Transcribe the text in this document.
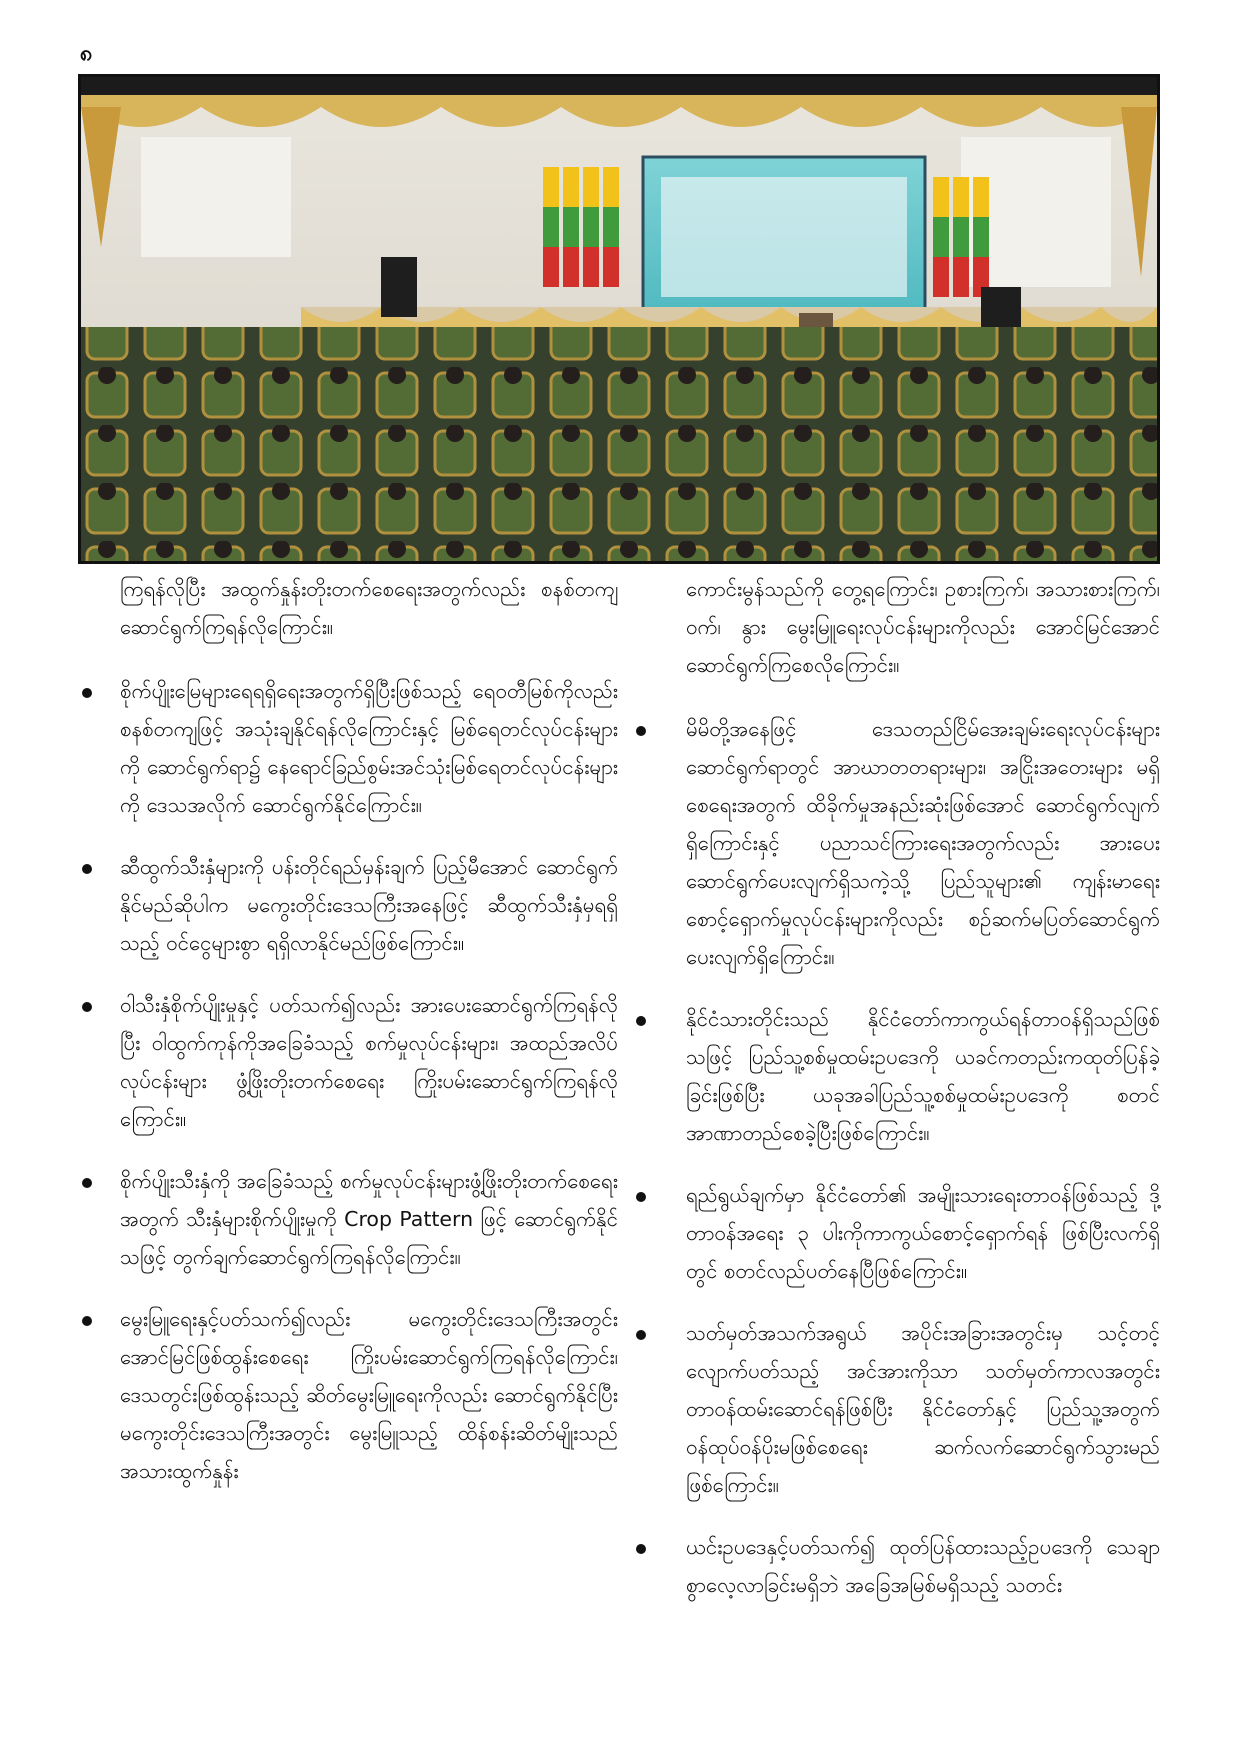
၈

ကြရန်လိုပြီး အထွက်နှုန်းတိုးတက်စေရေးအတွက်လည်း စနစ်တကျ ဆောင်ရွက်ကြရန်လိုကြောင်း။

စိုက်ပျိုးမြေများရေရရှိရေးအတွက်ရှိပြီးဖြစ်သည့် ရေဝတီမြစ်ကိုလည်း စနစ်တကျဖြင့် အသုံးချနိုင်ရန်လိုကြောင်းနှင့် မြစ်ရေတင်လုပ်ငန်းများကို ဆောင်ရွက်ရာ၌ နေရောင်ခြည်စွမ်းအင်သုံးမြစ်ရေတင်လုပ်ငန်းများကို ဒေသအလိုက် ဆောင်ရွက်နိုင်ကြောင်း။

ဆီထွက်သီးနှံများကို ပန်းတိုင်ရည်မှန်းချက် ပြည့်မီအောင် ဆောင်ရွက်နိုင်မည်ဆိုပါက မကွေးတိုင်းဒေသကြီးအနေဖြင့် ဆီထွက်သီးနှံမှရရှိသည့် ဝင်ငွေများစွာ ရရှိလာနိုင်မည်ဖြစ်ကြောင်း။

ဝါသီးနှံစိုက်ပျိုးမှုနှင့် ပတ်သက်၍လည်း အားပေးဆောင်ရွက်ကြရန်လိုပြီး ဝါထွက်ကုန်ကိုအခြေခံသည့် စက်မှုလုပ်ငန်းများ၊ အထည်အလိပ်လုပ်ငန်းများ ဖွံ့ဖြိုးတိုးတက်စေရေး ကြိုးပမ်းဆောင်ရွက်ကြရန်လိုကြောင်း။

စိုက်ပျိုးသီးနှံကို အခြေခံသည့် စက်မှုလုပ်ငန်းများဖွံ့ဖြိုးတိုးတက်စေရေးအတွက် သီးနှံများစိုက်ပျိုးမှုကို Crop Pattern ဖြင့် ဆောင်ရွက်နိုင်သဖြင့် တွက်ချက်ဆောင်ရွက်ကြရန်လိုကြောင်း။

မွေးမြူရေးနှင့်ပတ်သက်၍လည်း မကွေးတိုင်းဒေသကြီးအတွင်း အောင်မြင်ဖြစ်ထွန်းစေရေး ကြိုးပမ်းဆောင်ရွက်ကြရန်လိုကြောင်း၊ ဒေသတွင်းဖြစ်ထွန်းသည့် ဆိတ်မွေးမြူရေးကိုလည်း ဆောင်ရွက်နိုင်ပြီး မကွေးတိုင်းဒေသကြီးအတွင်း မွေးမြူသည့် ထိန်စန်းဆိတ်မျိုးသည် အသားထွက်နှုန်း

ကောင်းမွန်သည်ကို တွေ့ရကြောင်း၊ ဥစားကြက်၊ အသားစားကြက်၊ ဝက်၊ နွား မွေးမြူရေးလုပ်ငန်းများကိုလည်း အောင်မြင်အောင် ဆောင်ရွက်ကြစေလိုကြောင်း။

မိမိတို့အနေဖြင့် ဒေသတည်ငြိမ်အေးချမ်းရေးလုပ်ငန်းများ ဆောင်ရွက်ရာတွင် အာဃာတတရားများ၊ အငြိုးအတေးများ မရှိစေရေးအတွက် ထိခိုက်မှုအနည်းဆုံးဖြစ်အောင် ဆောင်ရွက်လျက်ရှိကြောင်းနှင့် ပညာသင်ကြားရေးအတွက်လည်း အားပေးဆောင်ရွက်ပေးလျက်ရှိသကဲ့သို့ ပြည်သူများ၏ ကျန်းမာရေးစောင့်ရှောက်မှုလုပ်ငန်းများကိုလည်း စဉ်ဆက်မပြတ်ဆောင်ရွက်ပေးလျက်ရှိကြောင်း။

နိုင်ငံသားတိုင်းသည် နိုင်ငံတော်ကာကွယ်ရန်တာဝန်ရှိသည်ဖြစ်သဖြင့် ပြည်သူ့စစ်မှုထမ်းဥပဒေကို ယခင်ကတည်းကထုတ်ပြန်ခဲ့ခြင်းဖြစ်ပြီး ယခုအခါပြည်သူ့စစ်မှုထမ်းဥပဒေကို စတင်အာဏာတည်စေခဲ့ပြီးဖြစ်ကြောင်း။

ရည်ရွယ်ချက်မှာ နိုင်ငံတော်၏ အမျိုးသားရေးတာဝန်ဖြစ်သည့် ဒို့တာဝန်အရေး ၃ ပါးကိုကာကွယ်စောင့်ရှောက်ရန် ဖြစ်ပြီးလက်ရှိတွင် စတင်လည်ပတ်နေပြီဖြစ်ကြောင်း။

သတ်မှတ်အသက်အရွယ် အပိုင်းအခြားအတွင်းမှ သင့်တင့်လျောက်ပတ်သည့် အင်အားကိုသာ သတ်မှတ်ကာလအတွင်း တာဝန်ထမ်းဆောင်ရန်ဖြစ်ပြီး နိုင်ငံတော်နှင့် ပြည်သူ့အတွက် ဝန်ထုပ်ဝန်ပိုးမဖြစ်စေရေး ဆက်လက်ဆောင်ရွက်သွားမည်ဖြစ်ကြောင်း။

ယင်းဥပဒေနှင့်ပတ်သက်၍ ထုတ်ပြန်ထားသည့်ဥပဒေကို သေချာစွာလေ့လာခြင်းမရှိဘဲ အခြေအမြစ်မရှိသည့် သတင်း
